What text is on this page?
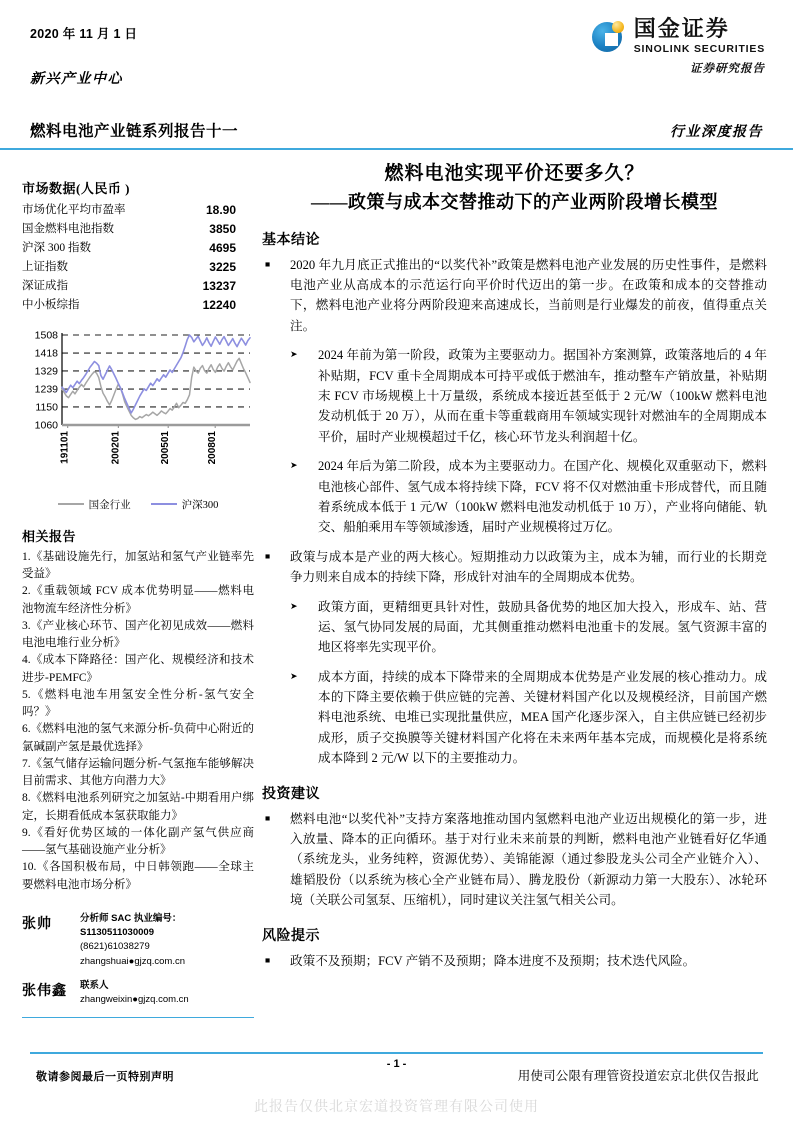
2020 年 11 月 1 日
新兴产业中心
燃料电池产业链系列报告十一	行业深度报告
国金证券
SINOLINK SECURITIES
证券研究报告
市场数据(人民币 )
市场优化平均市盈率	18.90
国金燃料电池指数	3850
沪深 300 指数	4695
上证指数	3225
深证成指	13237
中小板综指	12240
1508
1418
1329
1239
1150
1060
191101	200201	200501	200801
国金行业	沪深300
相关报告
1.《基础设施先行，加氢站和氢气产业链率先受益》
2.《重载领域 FCV 成本优势明显——燃料电池物流车经济性分析》
3.《产业核心环节、国产化初见成效——燃料电池电堆行业分析》
4.《成本下降路径：国产化、规模经济和技术进步-PEMFC》
5.《燃料电池车用氢安全性分析-氢气安全吗？》
6.《燃料电池的氢气来源分析-负荷中心附近的氯碱副产氢是最优选择》
7.《氢气储存运输问题分析-气氢拖车能够解决目前需求、其他方向潜力大》
8.《燃料电池系列研究之加氢站-中期看用户绑定，长期看低成本氢获取能力》
9.《看好优势区域的一体化副产氢气供应商——氢气基础设施产业分析》
10.《各国积极布局，中日韩领跑——全球主要燃料电池市场分析》
张帅	分析师 SAC 执业编号：S1130511030009
(8621)61038279
zhangshuai●gjzq.com.cn
张伟鑫	联系人
zhangweixin●gjzq.com.cn
燃料电池实现平价还要多久？
——政策与成本交替推动下的产业两阶段增长模型
基本结论
■ 2020 年九月底正式推出的“以奖代补”政策是燃料电池产业发展的历史性事件，是燃料电池产业从高成本的示范运行向平价时代迈出的第一步。在政策和成本的交替推动下，燃料电池产业将分两阶段迎来高速成长，当前则是行业爆发的前夜，值得重点关注。
➤ 2024 年前为第一阶段，政策为主要驱动力。据国补方案测算，政策落地后的 4 年补贴期，FCV 重卡全周期成本可持平或低于燃油车，推动整车产销放量，补贴期末 FCV 市场规模上十万量级，系统成本接近甚至低于 2 元/W（100kW 燃料电池发动机低于 20 万），从而在重卡等重载商用车领域实现针对燃油车的全周期成本平价，届时产业规模超过千亿，核心环节龙头利润超十亿。
➤ 2024 年后为第二阶段，成本为主要驱动力。在国产化、规模化双重驱动下，燃料电池核心部件、氢气成本将持续下降，FCV 将不仅对燃油重卡形成替代，而且随着系统成本低于 1 元/W（100kW 燃料电池发动机低于 10 万），产业将向储能、轨交、船舶乘用车等领域渗透，届时产业规模将过万亿。
■ 政策与成本是产业的两大核心。短期推动力以政策为主，成本为辅，而行业的长期竞争力则来自成本的持续下降，形成针对油车的全周期成本优势。
➤ 政策方面，更精细更具针对性，鼓励具备优势的地区加大投入，形成车、站、营运、氢气协同发展的局面，尤其侧重推动燃料电池重卡的发展。氢气资源丰富的地区将率先实现平价。
➤ 成本方面，持续的成本下降带来的全周期成本优势是产业发展的核心推动力。成本的下降主要依赖于供应链的完善、关键材料国产化以及规模经济，目前国产燃料电池系统、电堆已实现批量供应，MEA 国产化逐步深入，自主供应链已经初步成形，质子交换膜等关键材料国产化将在未来两年基本完成，而规模化是将系统成本降到 2 元/W 以下的主要推动力。
投资建议
■ 燃料电池“以奖代补”支持方案落地推动国内氢燃料电池产业迈出规模化的第一步，进入放量、降本的正向循环。基于对行业未来前景的判断，燃料电池产业链看好亿华通（系统龙头，业务纯粹，资源优势）、美锦能源（通过参股龙头公司全产业链介入）、雄韬股份（以系统为核心全产业链布局）、腾龙股份（新源动力第一大股东）、冰轮环境（关联公司氢泵、压缩机），同时建议关注氢气相关公司。
风险提示
■ 政策不及预期；FCV 产销不及预期；降本进度不及预期；技术迭代风险。
敬请参阅最后一页特别声明
- 1 -
用使司公限有理管资投道宏京北供仅告报此
此报告仅供北京宏道投资管理有限公司使用
